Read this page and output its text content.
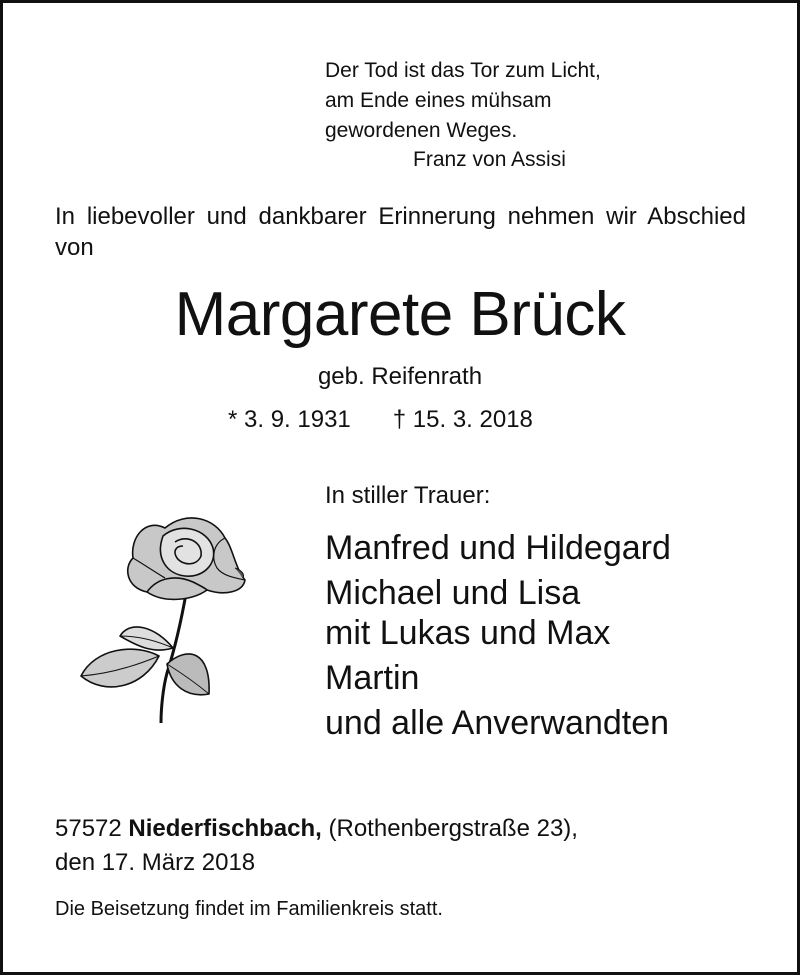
Der Tod ist das Tor zum Licht,
am Ende eines mühsam
gewordenen Weges.
Franz von Assisi
In liebevoller und dankbarer Erinnerung nehmen wir Abschied von
Margarete Brück
geb. Reifenrath
* 3. 9. 1931 † 15. 3. 2018
In stiller Trauer:
Manfred und Hildegard
Michael und Lisa
mit Lukas und Max
Martin
und alle Anverwandten
57572 Niederfischbach, (Rothenbergstraße 23),
den 17. März 2018
Die Beisetzung findet im Familienkreis statt.
